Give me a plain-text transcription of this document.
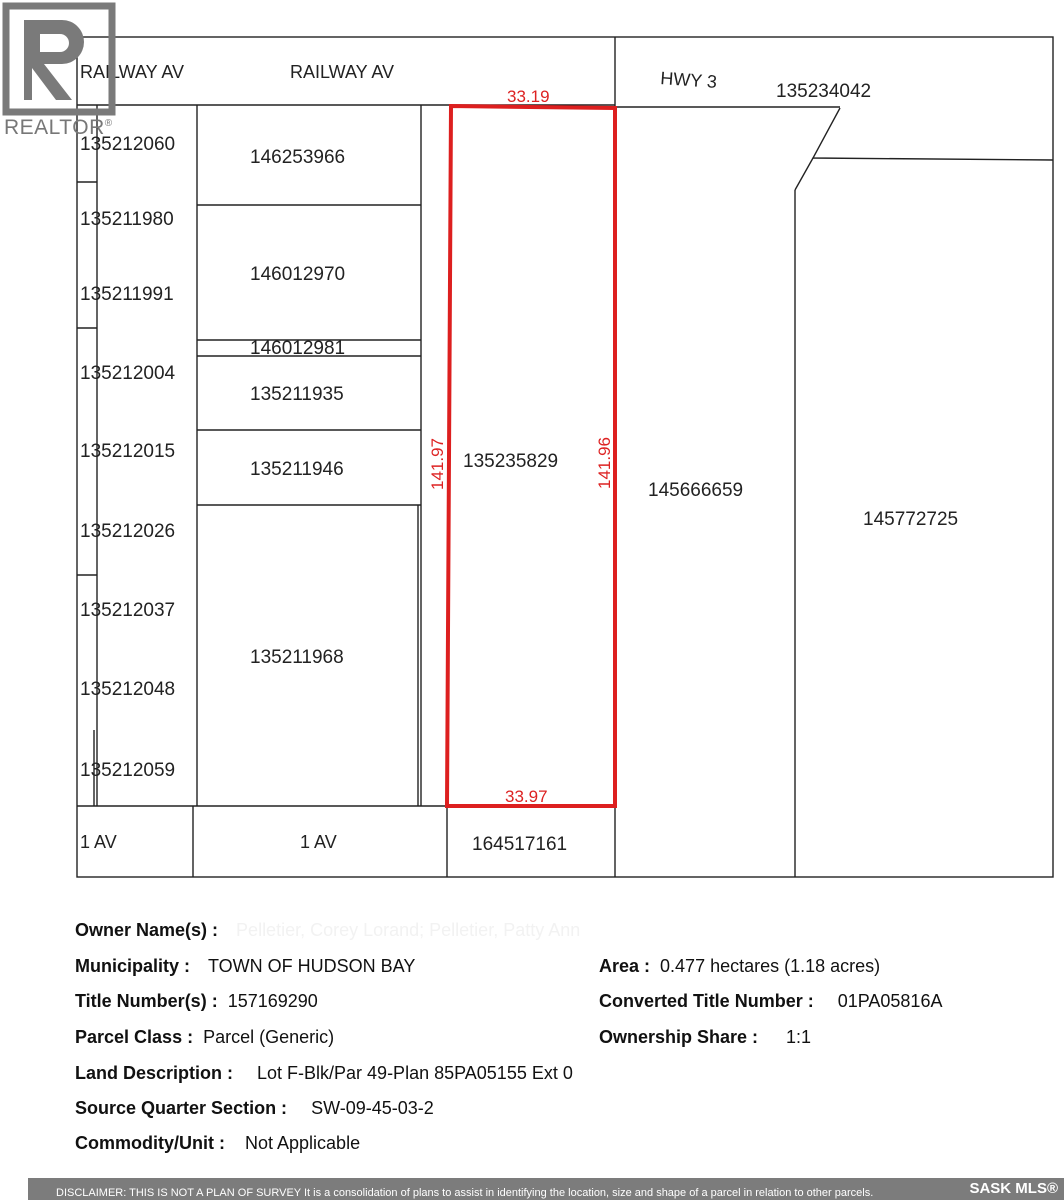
RAILWAY AV	RAILWAY AV	HWY 3
1 AV	1 AV
146253966
146012970
146012981
135211935
135211946
135211968
135235829
145666659
145772725
135234042
164517161
135212060
135211980
135211991
135212004
135212015
135212026
135212037
135212048
135212059
33.19
33.97
141.97	141.96
REALTOR®
Owner Name(s) : Pelletier, Corey Lorand; Pelletier, Patty Ann
Municipality : TOWN OF HUDSON BAY	Area : 0.477 hectares (1.18 acres)
Title Number(s) : 157169290	Converted Title Number : 01PA05816A
Parcel Class : Parcel (Generic)	Ownership Share : 1:1
Land Description : Lot F-Blk/Par 49-Plan 85PA05155 Ext 0
Source Quarter Section : SW-09-45-03-2
Commodity/Unit : Not Applicable
DISCLAIMER: THIS IS NOT A PLAN OF SURVEY It is a consolidation of plans to assist in identifying the location, size and shape of a parcel in relation to other parcels.	SASK MLS®
